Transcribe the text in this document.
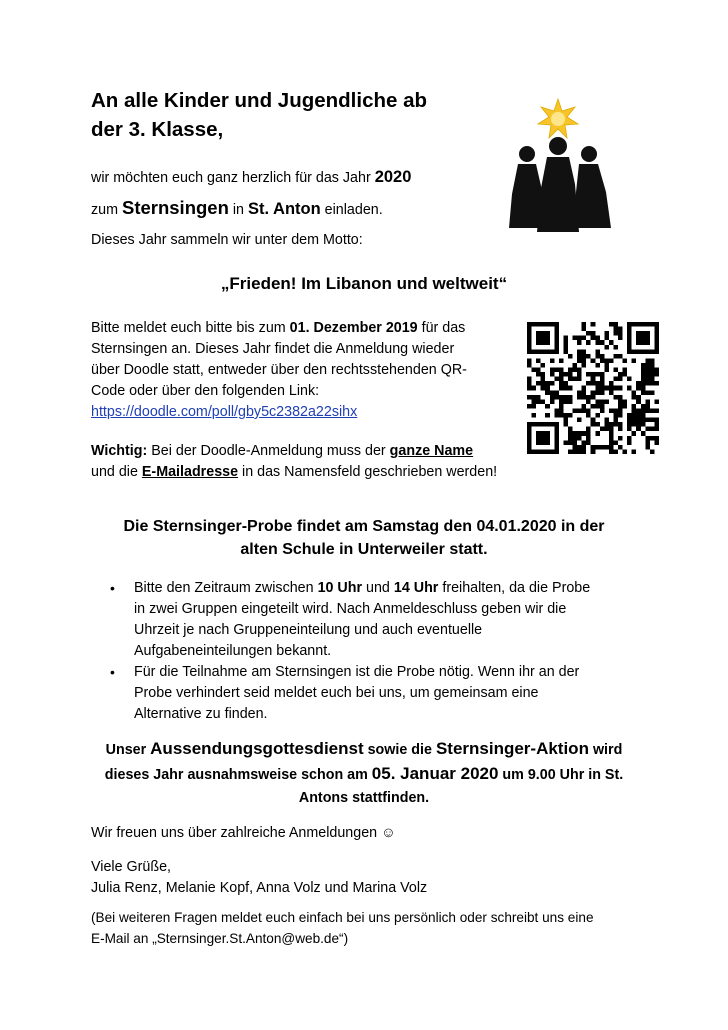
An alle Kinder und Jugendliche ab
der 3. Klasse,
wir möchten euch ganz herzlich für das Jahr 2020
zum Sternsingen in St. Anton einladen.
Dieses Jahr sammeln wir unter dem Motto:
„Frieden! Im Libanon und weltweit“
Bitte meldet euch bitte bis zum 01. Dezember 2019 für das
Sternsingen an. Dieses Jahr findet die Anmeldung wieder
über Doodle statt, entweder über den rechtsstehenden QR-
Code oder über den folgenden Link:
https://doodle.com/poll/gby5c2382a22sihx
Wichtig: Bei der Doodle-Anmeldung muss der ganze Name
und die E-Mailadresse in das Namensfeld geschrieben werden!
Die Sternsinger-Probe findet am Samstag den 04.01.2020 in der
alten Schule in Unterweiler statt.
• Bitte den Zeitraum zwischen 10 Uhr und 14 Uhr freihalten, da die Probe
in zwei Gruppen eingeteilt wird. Nach Anmeldeschluss geben wir die
Uhrzeit je nach Gruppeneinteilung und auch eventuelle
Aufgabeneinteilungen bekannt.
• Für die Teilnahme am Sternsingen ist die Probe nötig. Wenn ihr an der
Probe verhindert seid meldet euch bei uns, um gemeinsam eine
Alternative zu finden.
Unser Aussendungsgottesdienst sowie die Sternsinger-Aktion wird
dieses Jahr ausnahmsweise schon am 05. Januar 2020 um 9.00 Uhr in St.
Antons stattfinden.
Wir freuen uns über zahlreiche Anmeldungen ☺
Viele Grüße,
Julia Renz, Melanie Kopf, Anna Volz und Marina Volz
(Bei weiteren Fragen meldet euch einfach bei uns persönlich oder schreibt uns eine
E-Mail an „Sternsinger.St.Anton@web.de“)
